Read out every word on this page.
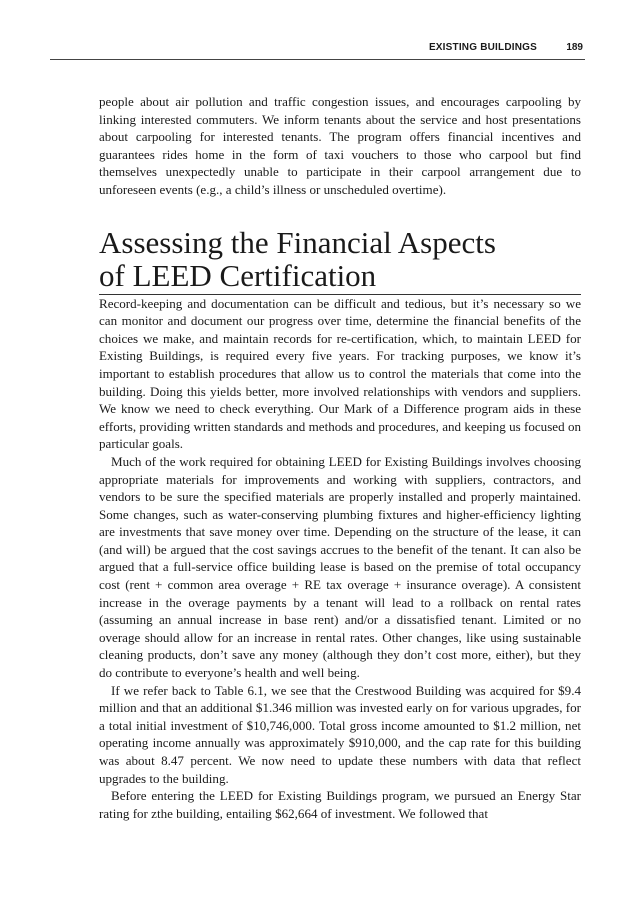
EXISTING BUILDINGS	189

people about air pollution and traffic congestion issues, and encourages carpooling by linking interested commuters. We inform tenants about the service and host presentations about carpooling for interested tenants. The program offers financial incentives and guarantees rides home in the form of taxi vouchers to those who carpool but find themselves unexpectedly unable to participate in their carpool arrangement due to unforeseen events (e.g., a child’s illness or unscheduled overtime).

Assessing the Financial Aspects
of LEED Certification

Record-keeping and documentation can be difficult and tedious, but it’s necessary so we can monitor and document our progress over time, determine the financial benefits of the choices we make, and maintain records for re-certification, which, to maintain LEED for Existing Buildings, is required every five years. For tracking purposes, we know it’s important to establish procedures that allow us to control the materials that come into the building. Doing this yields better, more involved relationships with vendors and suppliers. We know we need to check everything. Our Mark of a Difference program aids in these efforts, providing written standards and methods and procedures, and keeping us focused on particular goals.

Much of the work required for obtaining LEED for Existing Buildings involves choosing appropriate materials for improvements and working with suppliers, contractors, and vendors to be sure the specified materials are properly installed and properly maintained. Some changes, such as water-conserving plumbing fixtures and higher-efficiency lighting are investments that save money over time. Depending on the structure of the lease, it can (and will) be argued that the cost savings accrues to the benefit of the tenant. It can also be argued that a full-service office building lease is based on the premise of total occupancy cost (rent + common area overage + RE tax overage + insurance overage). A consistent increase in the overage payments by a tenant will lead to a rollback on rental rates (assuming an annual increase in base rent) and/or a dissatisfied tenant. Limited or no overage should allow for an increase in rental rates. Other changes, like using sustainable cleaning products, don’t save any money (although they don’t cost more, either), but they do contribute to everyone’s health and well being.

If we refer back to Table 6.1, we see that the Crestwood Building was acquired for $9.4 million and that an additional $1.346 million was invested early on for various upgrades, for a total initial investment of $10,746,000. Total gross income amounted to $1.2 million, net operating income annually was approximately $910,000, and the cap rate for this building was about 8.47 percent. We now need to update these numbers with data that reflect upgrades to the building.

Before entering the LEED for Existing Buildings program, we pursued an Energy Star rating for zthe building, entailing $62,664 of investment. We followed that
